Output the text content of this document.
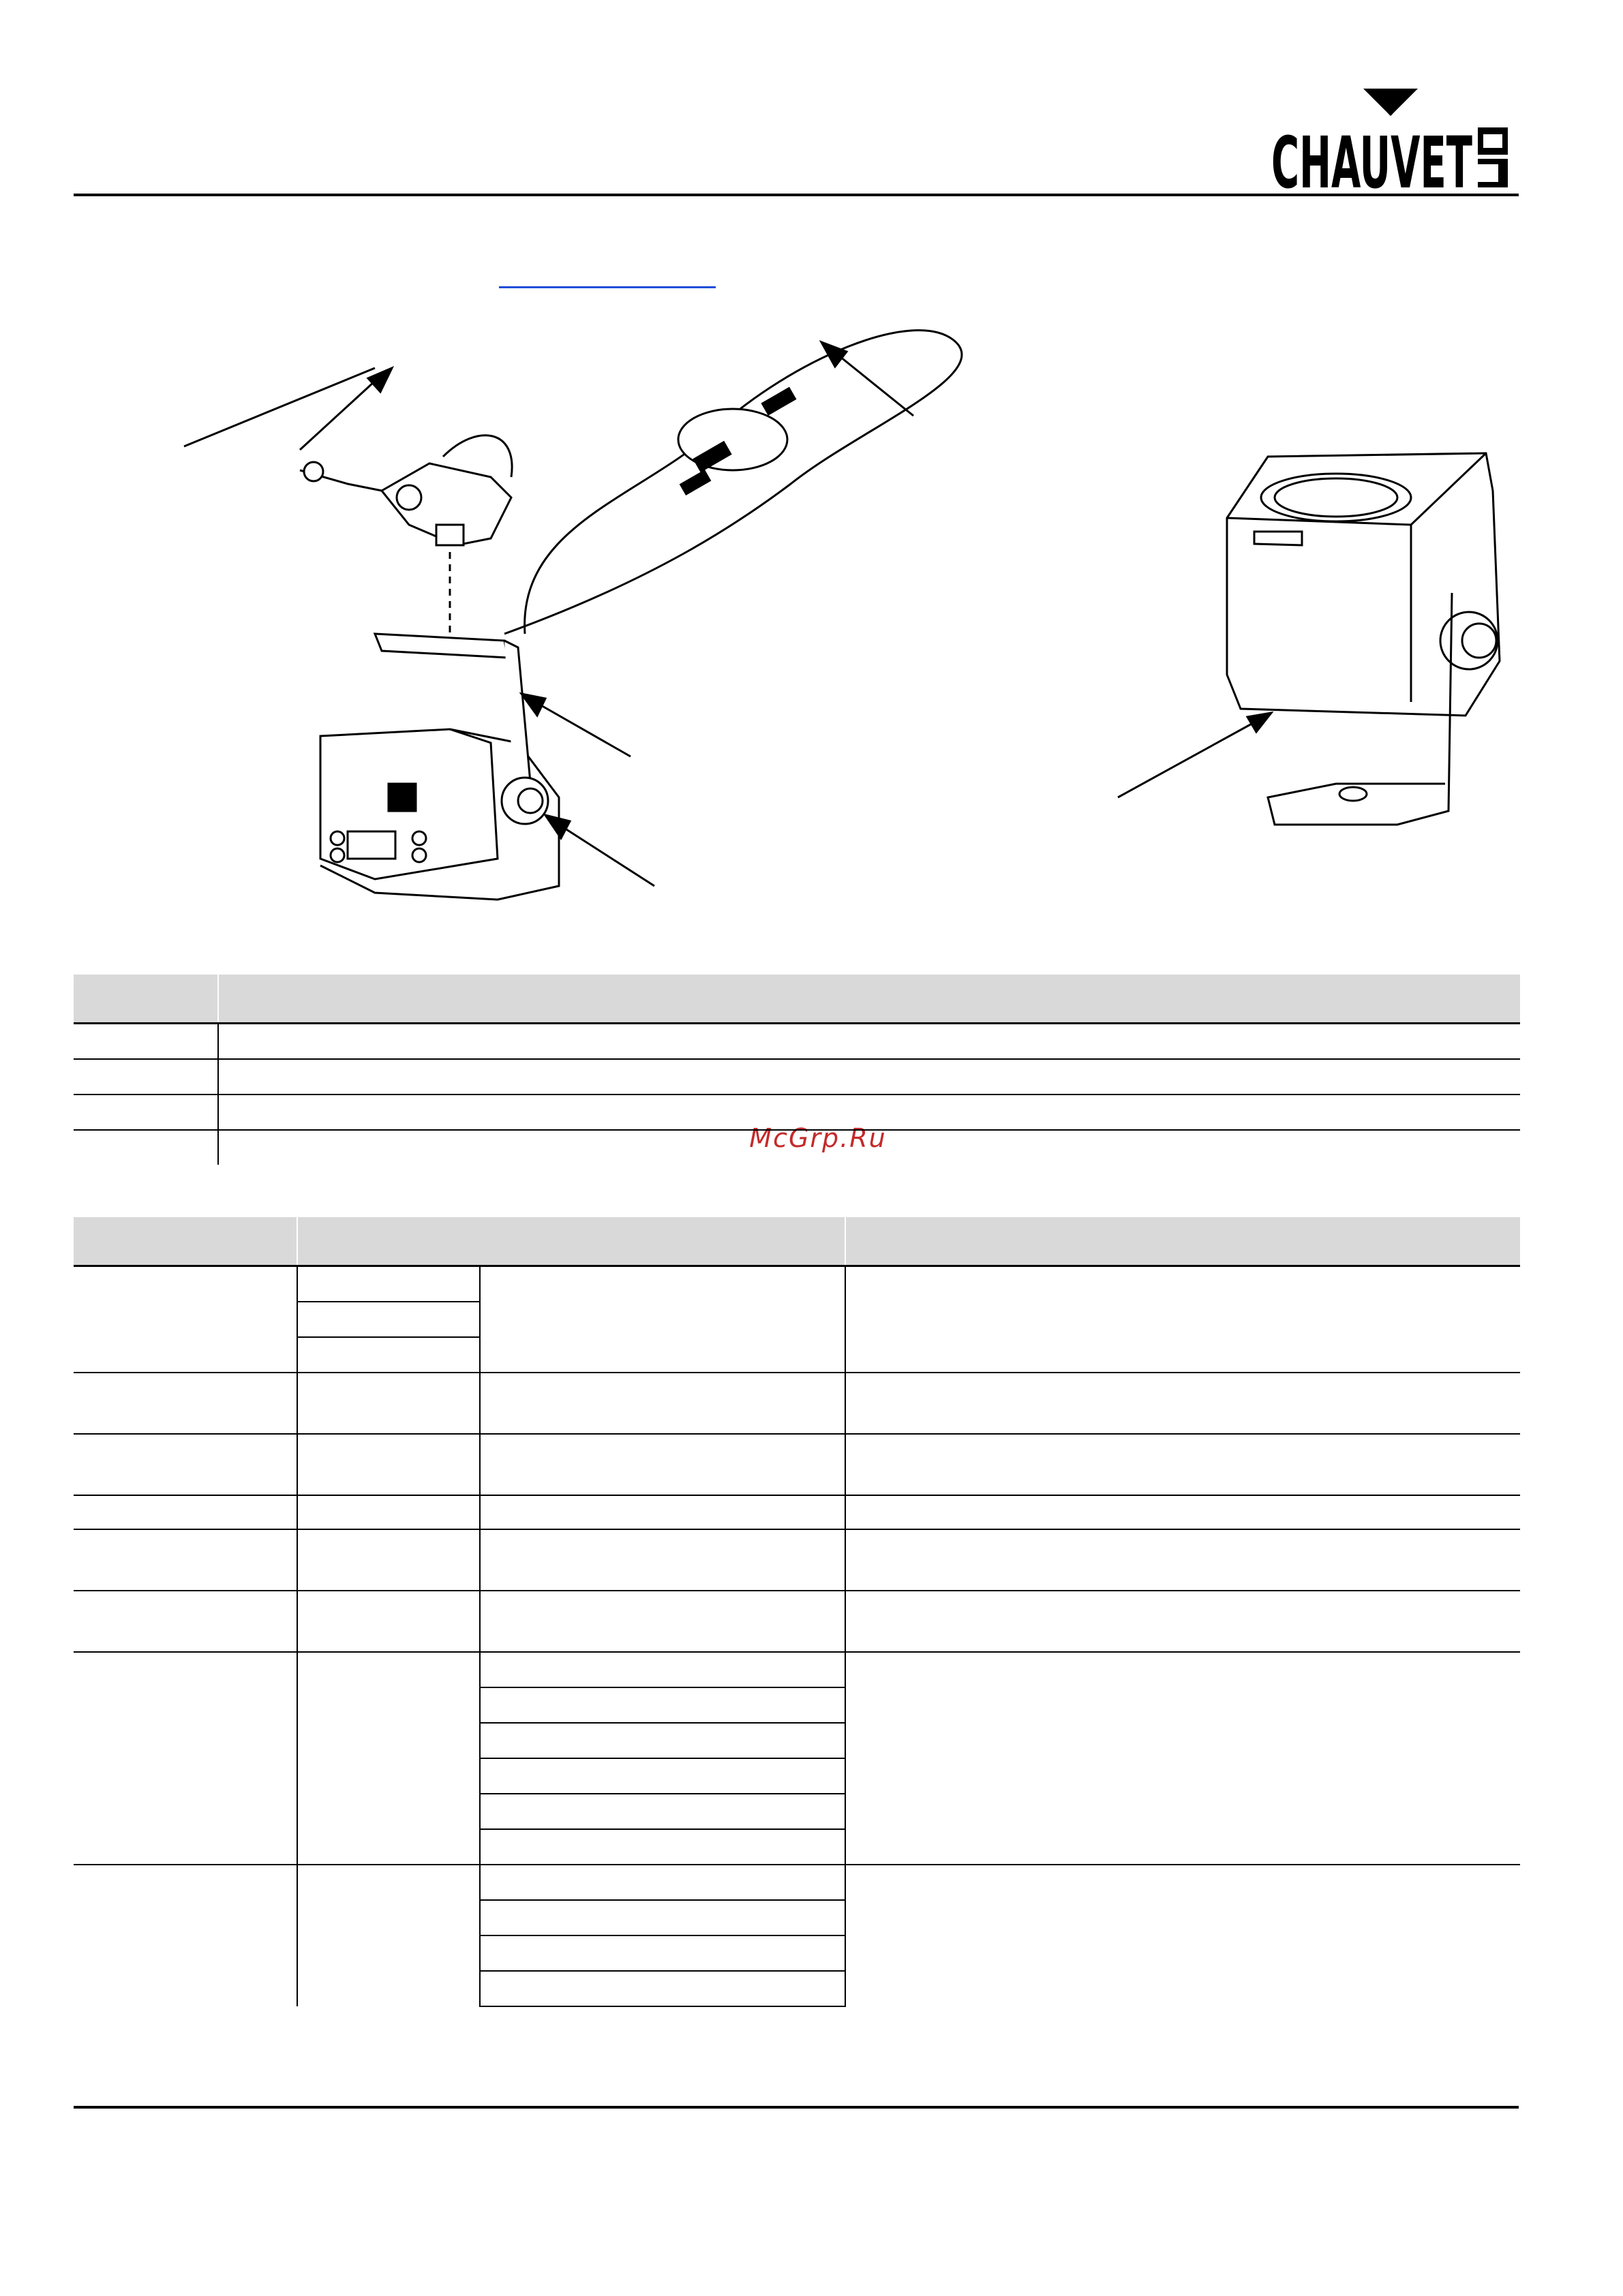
CHAUVET
McGrp.Ru
